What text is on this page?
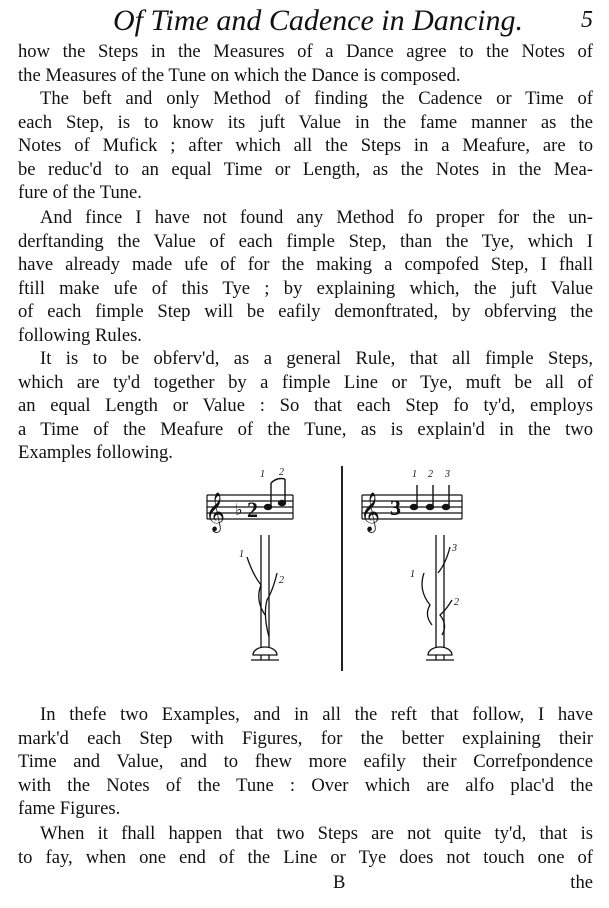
Of Time and Cadence in Dancing. 5
how the Steps in the Measures of a Dance agree to the Notes of
the Measures of the Tune on which the Dance is composed.
The beft and only Method of finding the Cadence or Time of
each Step, is to know its juft Value in the fame manner as the
Notes of Mufick ; after which all the Steps in a Meafure, are to
be reduc'd to an equal Time or Length, as the Notes in the Mea-
fure of the Tune.
And fince I have not found any Method fo proper for the un-
derftanding the Value of each fimple Step, than the Tye, which I
have already made ufe of for the making a compofed Step, I fhall
ftill make ufe of this Tye ; by explaining which, the juft Value
of each fimple Step will be eafily demonftrated, by obferving the
following Rules.
It is to be obferv'd, as a general Rule, that all fimple Steps,
which are ty'd together by a fimple Line or Tye, muft be all of
an equal Length or Value : So that each Step fo ty'd, employs
a Time of the Meafure of the Tune, as is explain'd in the two
Examples following.
𝄞 ♭ 2
1 2
1
2
𝄞 3
1 2 3
1
3
2
In thefe two Examples, and in all the reft that follow, I have
mark'd each Step with Figures, for the better explaining their
Time and Value, and to fhew more eafily their Correfpondence
with the Notes of the Tune : Over which are alfo plac'd the
fame Figures.
When it fhall happen that two Steps are not quite ty'd, that is
to fay, when one end of the Line or Tye does not touch one of
B	the
